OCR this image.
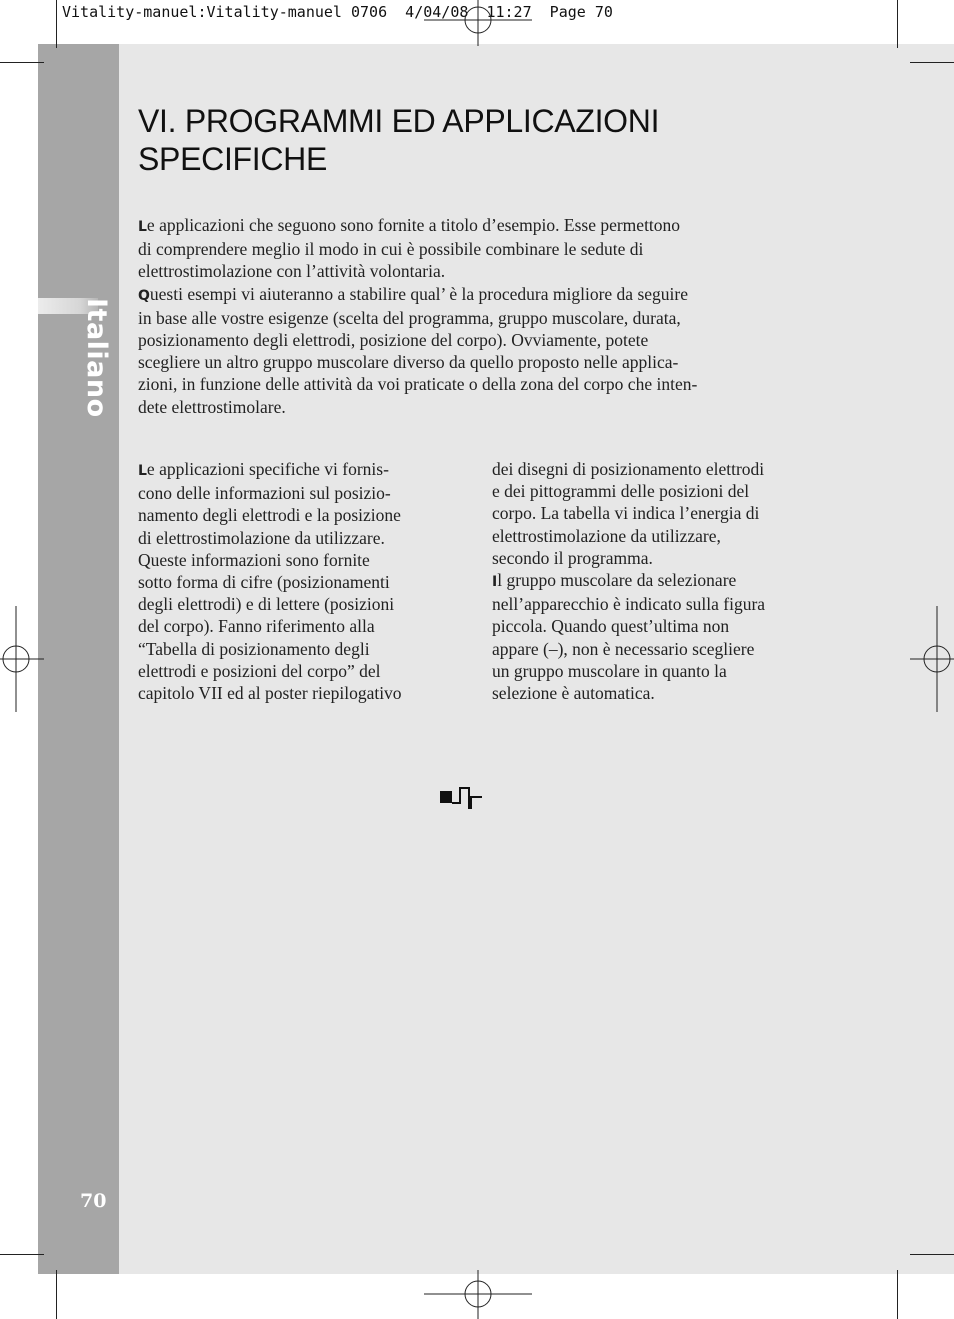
Vitality-manuel:Vitality-manuel 0706  4/04/08  11:27  Page 70
Italiano
70
VI. PROGRAMMI ED APPLICAZIONI
SPECIFICHE

Le applicazioni che seguono sono fornite a titolo d’esempio. Esse permettono
di comprendere meglio il modo in cui è possibile combinare le sedute di
elettrostimolazione con l’attività volontaria.

Questi esempi vi aiuteranno a stabilire qual’ è la procedura migliore da seguire
in base alle vostre esigenze (scelta del programma, gruppo muscolare, durata,
posizionamento degli elettrodi, posizione del corpo). Ovviamente, potete
scegliere un altro gruppo muscolare diverso da quello proposto nelle applica-
zioni, in funzione delle attività da voi praticate o della zona del corpo che inten-
dete elettrostimolare.

Le applicazioni specifiche vi fornis-
cono delle informazioni sul posizio-
namento degli elettrodi e la posizione
di elettrostimolazione da utilizzare.
Queste informazioni sono fornite
sotto forma di cifre (posizionamenti
degli elettrodi) e di lettere (posizioni
del corpo). Fanno riferimento alla
“Tabella di posizionamento degli
elettrodi e posizioni del corpo” del
capitolo VII ed al poster riepilogativo

dei disegni di posizionamento elettrodi
e dei pittogrammi delle posizioni del
corpo. La tabella vi indica l’energia di
elettrostimolazione da utilizzare,
secondo il programma.

Il gruppo muscolare da selezionare
nell’apparecchio è indicato sulla figura
piccola. Quando quest’ultima non
appare (–), non è necessario scegliere
un gruppo muscolare in quanto la
selezione è automatica.
